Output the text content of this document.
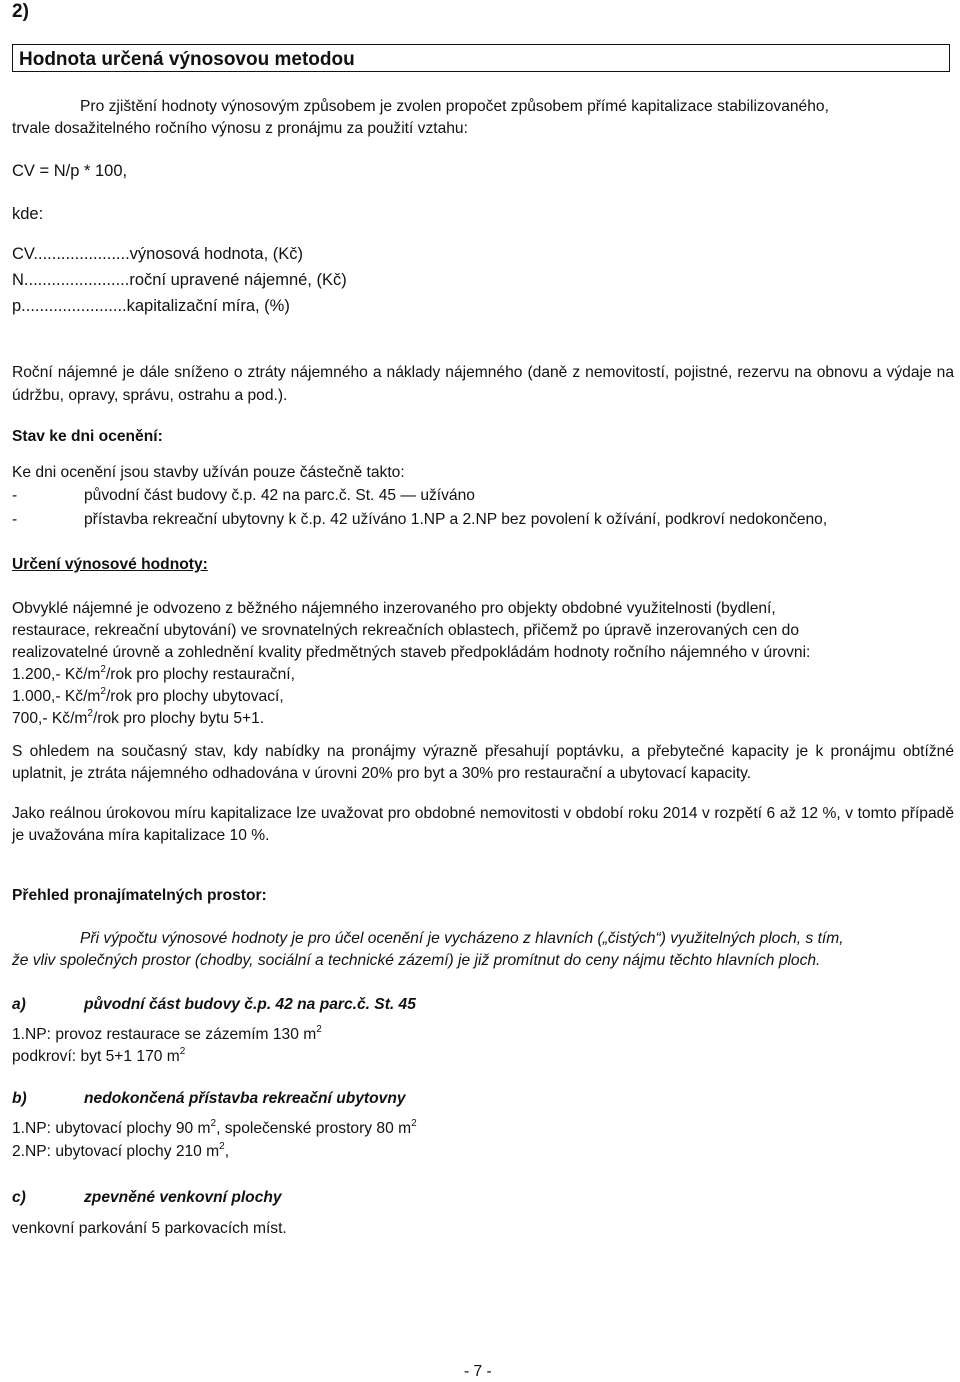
2)
Hodnota určená výnosovou metodou
Pro zjištění hodnoty výnosovým způsobem je zvolen propočet způsobem přímé kapitalizace stabilizovaného,
trvale dosažitelného ročního výnosu z pronájmu za použití vztahu:
CV = N/p * 100,
kde:
CV.....................výnosová hodnota, (Kč)
N.......................roční upravené nájemné, (Kč)
p.......................kapitalizační míra, (%)
Roční nájemné je dále sníženo o ztráty nájemného a náklady nájemného (daně z nemovitostí, pojistné, rezervu na obnovu a výdaje na údržbu, opravy, správu, ostrahu a pod.).
Stav ke dni ocenění:
Ke dni ocenění jsou stavby užíván pouze částečně takto:
-	původní část budovy č.p. 42 na parc.č. St. 45 — užíváno
-	přístavba rekreační ubytovny k č.p. 42 užíváno 1.NP a 2.NP bez povolení k ožívání, podkroví nedokončeno,
Určení výnosové hodnoty:
Obvyklé nájemné je odvozeno z běžného nájemného inzerovaného pro objekty obdobné využitelnosti (bydlení,
restaurace, rekreační ubytování) ve srovnatelných rekreačních oblastech, přičemž po úpravě inzerovaných cen do
realizovatelné úrovně a zohlednění kvality předmětných staveb předpokládám hodnoty ročního nájemného v úrovni:
1.200,- $Kč/m^2$/rok pro plochy restaurační,
1.000,- $Kč/m^2$/rok pro plochy ubytovací,
700,- $Kč/m^2$/rok pro plochy bytu 5+1.
S ohledem na současný stav, kdy nabídky na pronájmy výrazně přesahují poptávku, a přebytečné kapacity je k pronájmu obtížné uplatnit, je ztráta nájemného odhadována v úrovni 20% pro byt a 30% pro restaurační a ubytovací kapacity.
Jako reálnou úrokovou míru kapitalizace lze uvažovat pro obdobné nemovitosti v období roku 2014 v rozpětí 6 až 12 %, v tomto případě je uvažována míra kapitalizace 10 %.
Přehled pronajímatelných prostor:
Při výpočtu výnosové hodnoty je pro účel ocenění je vycházeno z hlavních („čistých“) využitelných ploch, s tím,
že vliv společných prostor (chodby, sociální a technické zázemí) je již promítnut do ceny nájmu těchto hlavních ploch.
a)	původní část budovy č.p. 42 na parc.č. St. 45
1.NP: provoz restaurace se zázemím 130 $m^2$
podkroví: byt 5+1 170 $m^2$
b)	nedokončená přístavba rekreační ubytovny
1.NP: ubytovací plochy 90 $m^2$, společenské prostory 80 $m^2$
2.NP: ubytovací plochy 210 $m^2$,
c)	zpevněné venkovní plochy
venkovní parkování 5 parkovacích míst.
- 7 -
